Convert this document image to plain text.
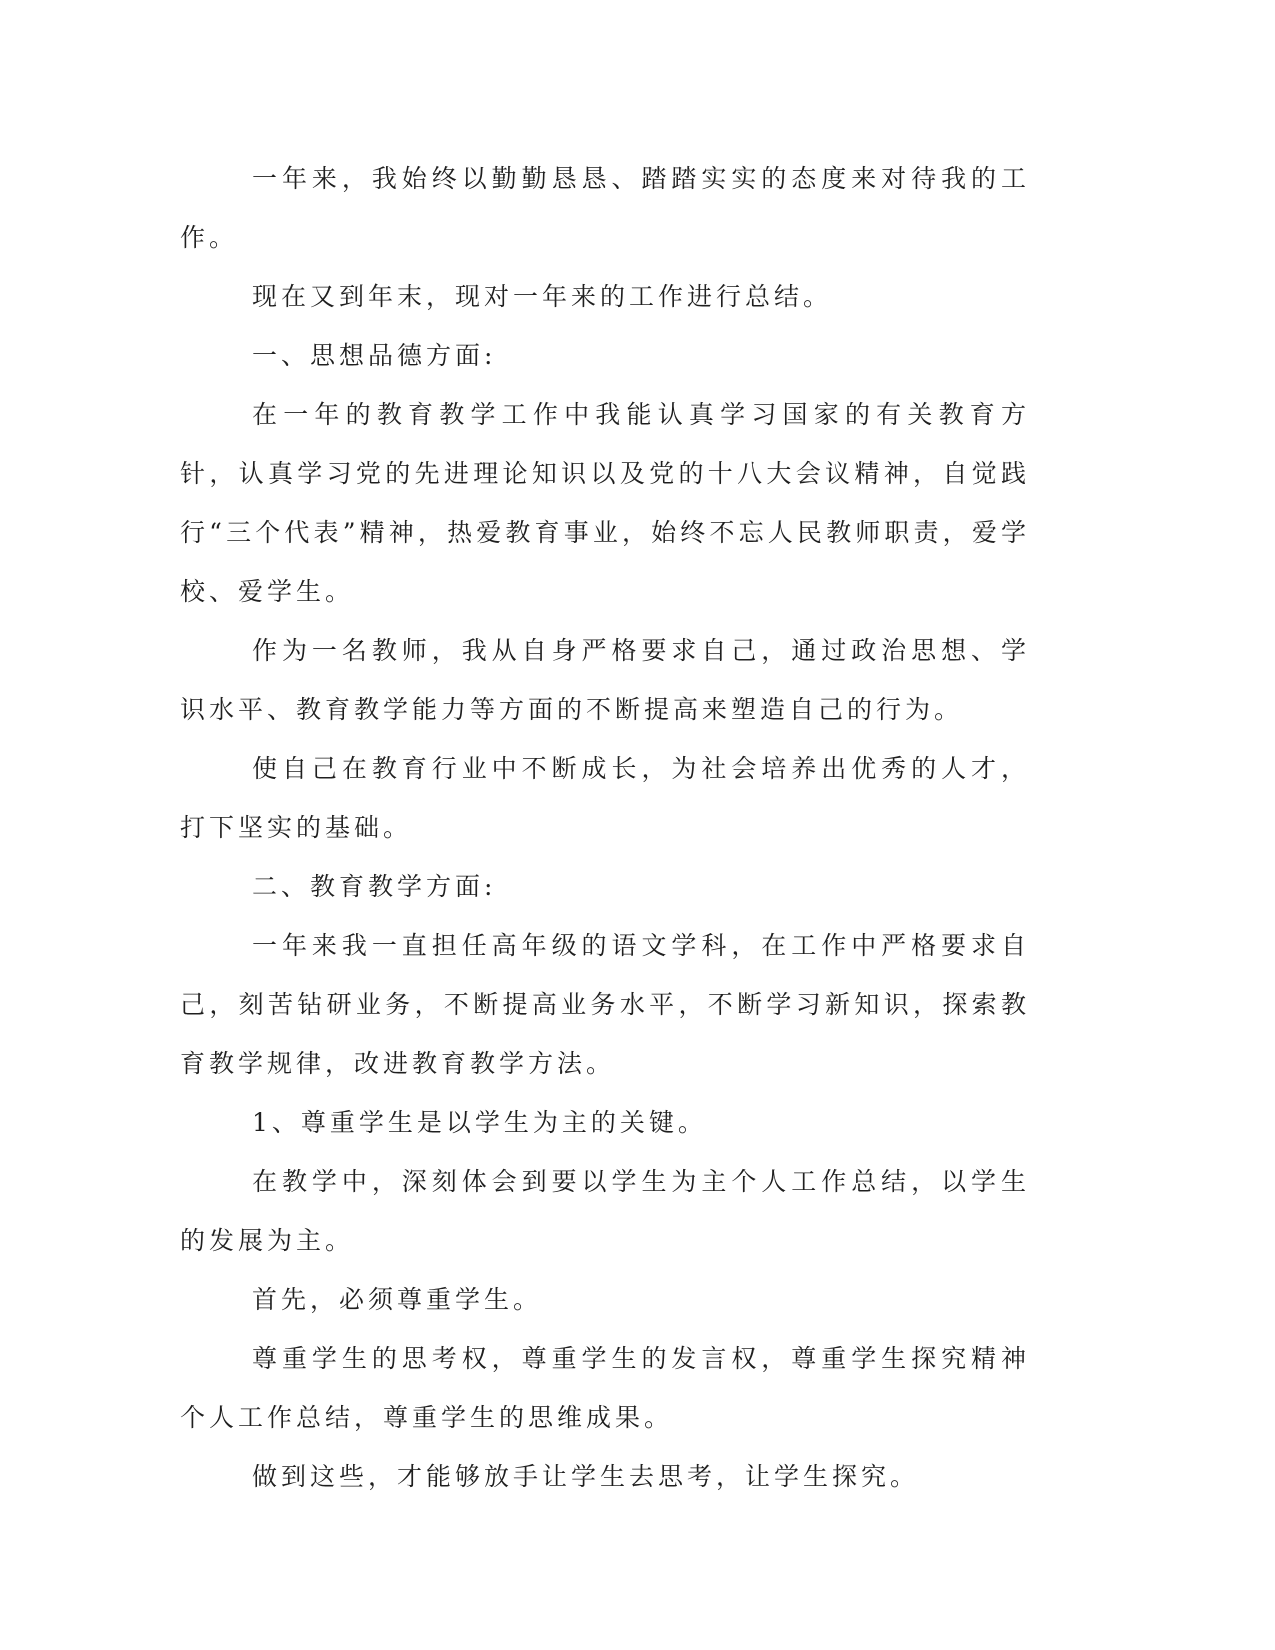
一年来，我始终以勤勤恳恳、踏踏实实的态度来对待我的工作。

现在又到年末，现对一年来的工作进行总结。

一、思想品德方面:

在一年的教育教学工作中我能认真学习国家的有关教育方针，认真学习党的先进理论知识以及党的十八大会议精神，自觉践行“三个代表”精神，热爱教育事业，始终不忘人民教师职责，爱学校、爱学生。

作为一名教师，我从自身严格要求自己，通过政治思想、学识水平、教育教学能力等方面的不断提高来塑造自己的行为。

使自己在教育行业中不断成长，为社会培养出优秀的人才，打下坚实的基础。

二、教育教学方面:

一年来我一直担任高年级的语文学科，在工作中严格要求自己，刻苦钻研业务，不断提高业务水平，不断学习新知识，探索教育教学规律，改进教育教学方法。

1、尊重学生是以学生为主的关键。

在教学中，深刻体会到要以学生为主个人工作总结，以学生的发展为主。

首先，必须尊重学生。

尊重学生的思考权，尊重学生的发言权，尊重学生探究精神个人工作总结，尊重学生的思维成果。

做到这些，才能够放手让学生去思考，让学生探究。
